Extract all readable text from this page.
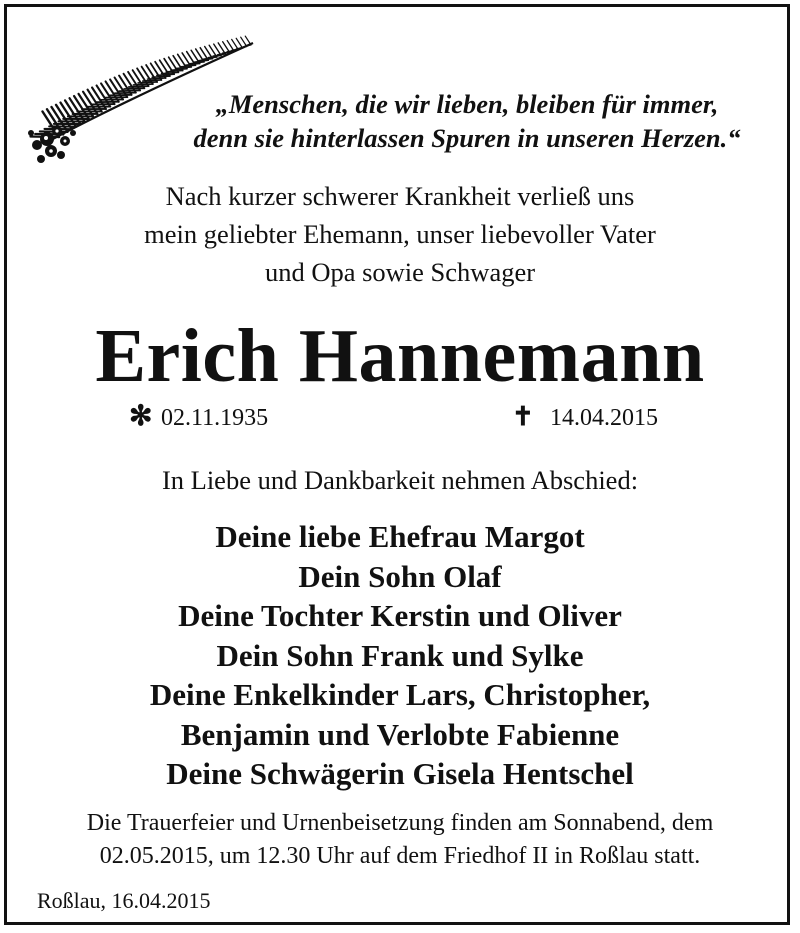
„Menschen, die wir lieben, bleiben für immer,
denn sie hinterlassen Spuren in unseren Herzen.“
Nach kurzer schwerer Krankheit verließ uns
mein geliebter Ehemann, unser liebevoller Vater
und Opa sowie Schwager
Erich Hannemann
✻ 02.11.1935	✝ 14.04.2015
In Liebe und Dankbarkeit nehmen Abschied:
Deine liebe Ehefrau Margot
Dein Sohn Olaf
Deine Tochter Kerstin und Oliver
Dein Sohn Frank und Sylke
Deine Enkelkinder Lars, Christopher,
Benjamin und Verlobte Fabienne
Deine Schwägerin Gisela Hentschel
Die Trauerfeier und Urnenbeisetzung finden am Sonnabend, dem
02.05.2015, um 12.30 Uhr auf dem Friedhof II in Roßlau statt.
Roßlau, 16.04.2015
